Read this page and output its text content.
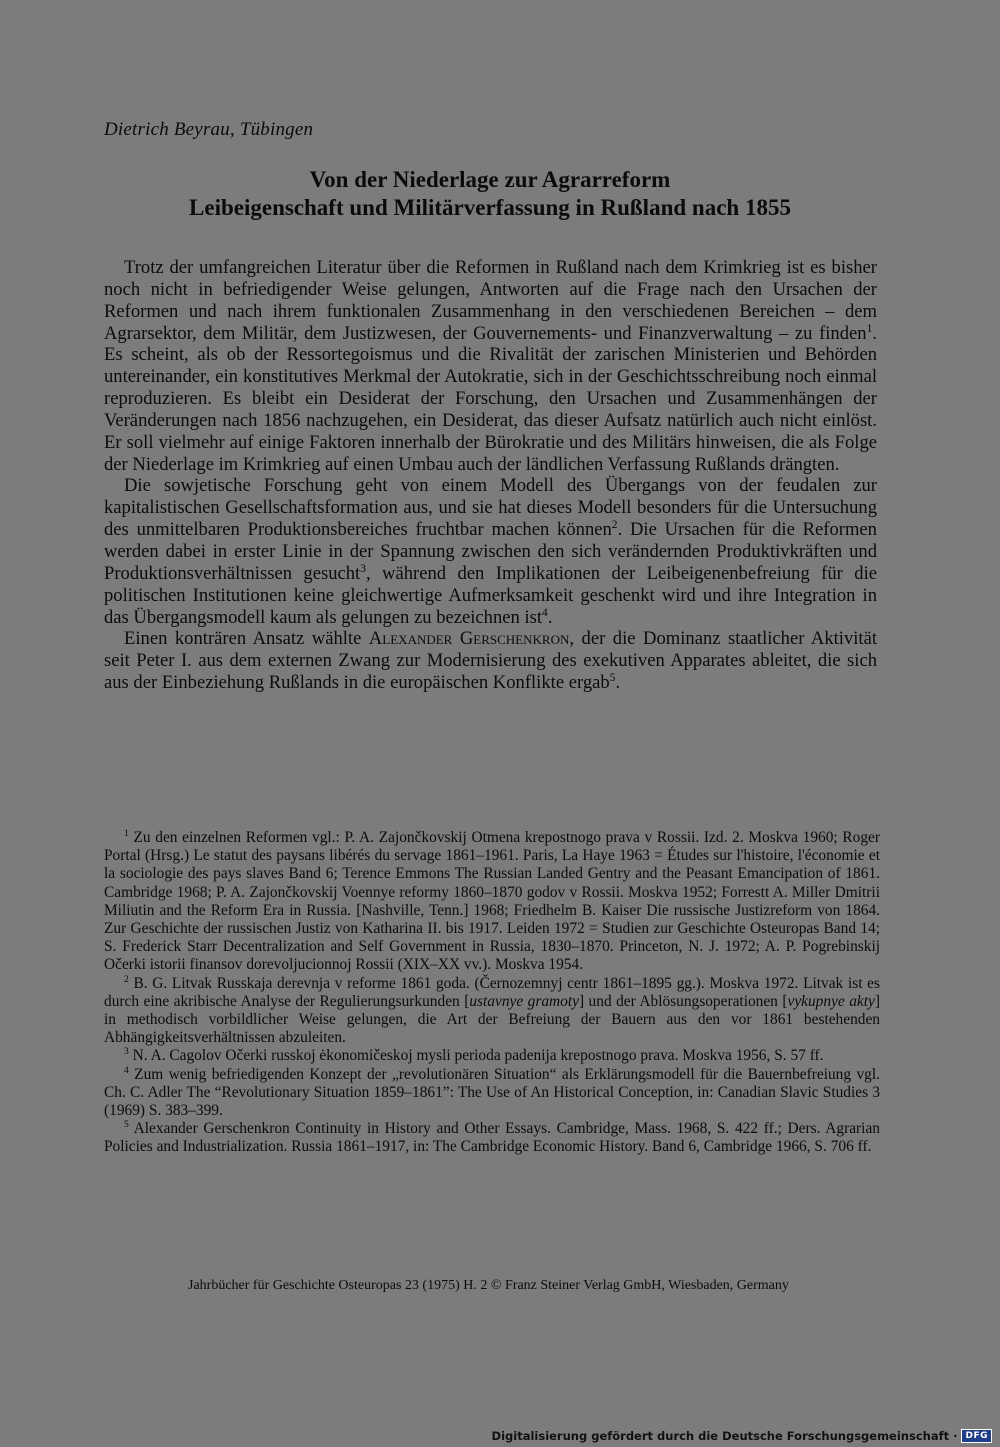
Dietrich Beyrau, Tübingen
Von der Niederlage zur Agrarreform
Leibeigenschaft und Militärverfassung in Rußland nach 1855

Trotz der umfangreichen Literatur über die Reformen in Rußland nach dem Krimkrieg ist es bisher noch nicht in befriedigender Weise gelungen, Antworten auf die Frage nach den Ursachen der Reformen und nach ihrem funktionalen Zusammenhang in den verschiedenen Bereichen – dem Agrarsektor, dem Militär, dem Justizwesen, der Gouvernements- und Finanzverwaltung – zu finden$^1$. Es scheint, als ob der Ressortegoismus und die Rivalität der zarischen Ministerien und Behörden untereinander, ein konstitutives Merkmal der Autokratie, sich in der Geschichtsschreibung noch einmal reproduzieren. Es bleibt ein Desiderat der Forschung, den Ursachen und Zusammenhängen der Veränderungen nach 1856 nachzugehen, ein Desiderat, das dieser Aufsatz natürlich auch nicht einlöst. Er soll vielmehr auf einige Faktoren innerhalb der Bürokratie und des Militärs hinweisen, die als Folge der Niederlage im Krimkrieg auf einen Umbau auch der ländlichen Verfassung Rußlands drängten.

Die sowjetische Forschung geht von einem Modell des Übergangs von der feudalen zur kapitalistischen Gesellschaftsformation aus, und sie hat dieses Modell besonders für die Untersuchung des unmittelbaren Produktionsbereiches fruchtbar machen können$^2$. Die Ursachen für die Reformen werden dabei in erster Linie in der Spannung zwischen den sich verändernden Produktivkräften und Produktionsverhältnissen gesucht$^3$, während den Implikationen der Leibeigenenbefreiung für die politischen Institutionen keine gleichwertige Aufmerksamkeit geschenkt wird und ihre Integration in das Übergangsmodell kaum als gelungen zu bezeichnen ist$^4$.

Einen konträren Ansatz wählte Alexander Gerschenkron, der die Dominanz staatlicher Aktivität seit Peter I. aus dem externen Zwang zur Modernisierung des exekutiven Apparates ableitet, die sich aus der Einbeziehung Rußlands in die europäischen Konflikte ergab$^5$.

$^1$ Zu den einzelnen Reformen vgl.: P. A. Zajončkovskij Otmena krepostnogo prava v Rossii. Izd. 2. Moskva 1960; Roger Portal (Hrsg.) Le statut des paysans libérés du servage 1861–1961. Paris, La Haye 1963 = Études sur l'histoire, l'économie et la sociologie des pays slaves Band 6; Terence Emmons The Russian Landed Gentry and the Peasant Emancipation of 1861. Cambridge 1968; P. A. Zajončkovskij Voennye reformy 1860–1870 godov v Rossii. Moskva 1952; Forrestt A. Miller Dmitrii Miliutin and the Reform Era in Russia. [Nashville, Tenn.] 1968; Friedhelm B. Kaiser Die russische Justizreform von 1864. Zur Geschichte der russischen Justiz von Katharina II. bis 1917. Leiden 1972 = Studien zur Geschichte Osteuropas Band 14; S. Frederick Starr Decentralization and Self Government in Russia, 1830–1870. Princeton, N. J. 1972; A. P. Pogrebinskij Očerki istorii finansov dorevoljucionnoj Rossii (XIX–XX vv.). Moskva 1954.

$^2$ B. G. Litvak Russkaja derevnja v reforme 1861 goda. (Černozemnyj centr 1861–1895 gg.). Moskva 1972. Litvak ist es durch eine akribische Analyse der Regulierungsurkunden [ustavnye gramoty] und der Ablösungsoperationen [vykupnye akty] in methodisch vorbildlicher Weise gelungen, die Art der Befreiung der Bauern aus den vor 1861 bestehenden Abhängigkeitsverhältnissen abzuleiten.

$^3$ N. A. Cagolov Očerki russkoj ėkonomičeskoj mysli perioda padenija krepostnogo prava. Moskva 1956, S. 57 ff.

$^4$ Zum wenig befriedigenden Konzept der „revolutionären Situation“ als Erklärungsmodell für die Bauernbefreiung vgl. Ch. C. Adler The “Revolutionary Situation 1859–1861”: The Use of An Historical Conception, in: Canadian Slavic Studies 3 (1969) S. 383–399.

$^5$ Alexander Gerschenkron Continuity in History and Other Essays. Cambridge, Mass. 1968, S. 422 ff.; Ders. Agrarian Policies and Industrialization. Russia 1861–1917, in: The Cambridge Economic History. Band 6, Cambridge 1966, S. 706 ff.

Jahrbücher für Geschichte Osteuropas 23 (1975) H. 2 © Franz Steiner Verlag GmbH, Wiesbaden, Germany
Digitalisierung gefördert durch die Deutsche Forschungsgemeinschaft · DFG
